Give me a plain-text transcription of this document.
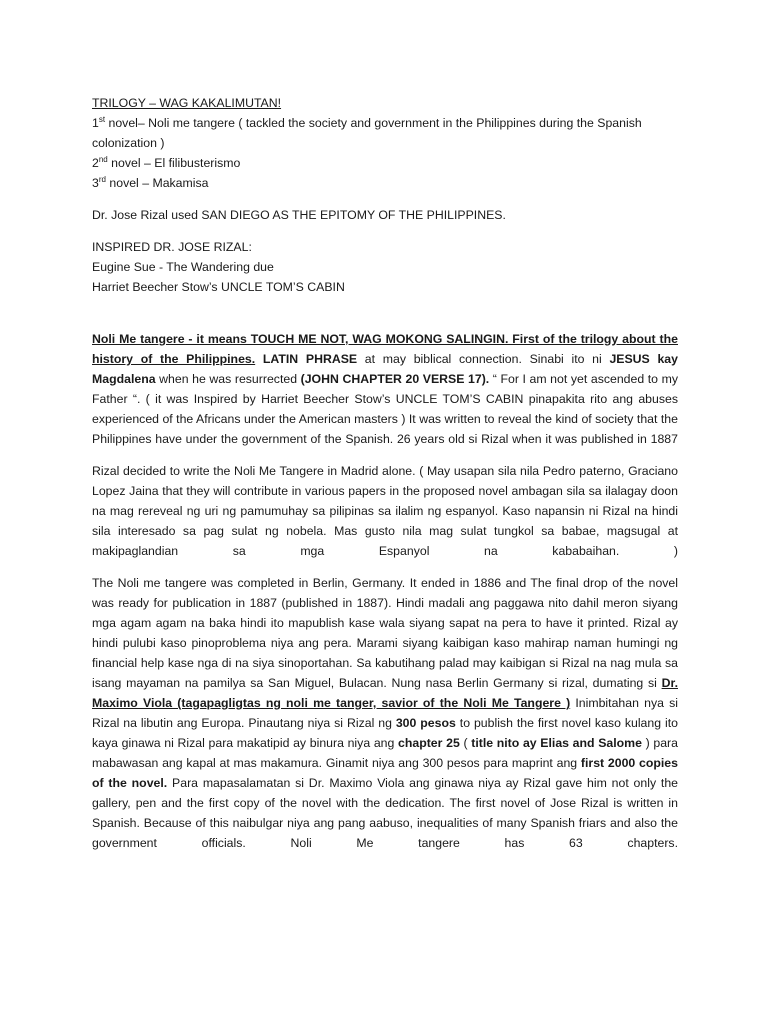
TRILOGY – WAG KAKALIMUTAN!

1st novel– Noli me tangere ( tackled the society and government in the Philippines during the Spanish colonization )

2nd novel – El filibusterismo

3rd novel – Makamisa

Dr. Jose Rizal used SAN DIEGO AS THE EPITOMY OF THE PHILIPPINES.

INSPIRED DR. JOSE RIZAL:

Eugine Sue - The Wandering due

Harriet Beecher Stow’s UNCLE TOM’S CABIN

Noli Me tangere - it means TOUCH ME NOT, WAG MOKONG SALINGIN. First of the trilogy about the history of the Philippines. LATIN PHRASE at may biblical connection. Sinabi ito ni JESUS kay Magdalena when he was resurrected (JOHN CHAPTER 20 VERSE 17). “ For I am not yet ascended to my Father “. ( it was Inspired by Harriet Beecher Stow’s UNCLE TOM’S CABIN pinapakita rito ang abuses experienced of the Africans under the American masters ) It was written to reveal the kind of society that the Philippines have under the government of the Spanish. 26 years old si Rizal when it was published in 1887

Rizal decided to write the Noli Me Tangere in Madrid alone. ( May usapan sila nila Pedro paterno, Graciano Lopez Jaina that they will contribute in various papers in the proposed novel ambagan sila sa ilalagay doon na mag rereveal ng uri ng pamumuhay sa pilipinas sa ilalim ng espanyol. Kaso napansin ni Rizal na hindi sila interesado sa pag sulat ng nobela. Mas gusto nila mag sulat tungkol sa babae, magsugal at makipaglandian sa mga Espanyol na kababaihan. )

The Noli me tangere was completed in Berlin, Germany. It ended in 1886 and The final drop of the novel was ready for publication in 1887 (published in 1887). Hindi madali ang paggawa nito dahil meron siyang mga agam agam na baka hindi ito mapublish kase wala siyang sapat na pera to have it printed. Rizal ay hindi pulubi kaso pinoproblema niya ang pera. Marami siyang kaibigan kaso mahirap naman humingi ng financial help kase nga di na siya sinoportahan. Sa kabutihang palad may kaibigan si Rizal na nag mula sa isang mayaman na pamilya sa San Miguel, Bulacan. Nung nasa Berlin Germany si rizal, dumating si Dr. Maximo Viola (tagapagligtas ng noli me tanger, savior of the Noli Me Tangere ) Inimbitahan nya si Rizal na libutin ang Europa. Pinautang niya si Rizal ng 300 pesos to publish the first novel kaso kulang ito kaya ginawa ni Rizal para makatipid ay binura niya ang chapter 25 ( title nito ay Elias and Salome ) para mabawasan ang kapal at mas makamura. Ginamit niya ang 300 pesos para maprint ang first 2000 copies of the novel. Para mapasalamatan si Dr. Maximo Viola ang ginawa niya ay Rizal gave him not only the gallery, pen and the first copy of the novel with the dedication. The first novel of Jose Rizal is written in Spanish. Because of this naibulgar niya ang pang aabuso, inequalities of many Spanish friars and also the government officials. Noli Me tangere has 63 chapters.
